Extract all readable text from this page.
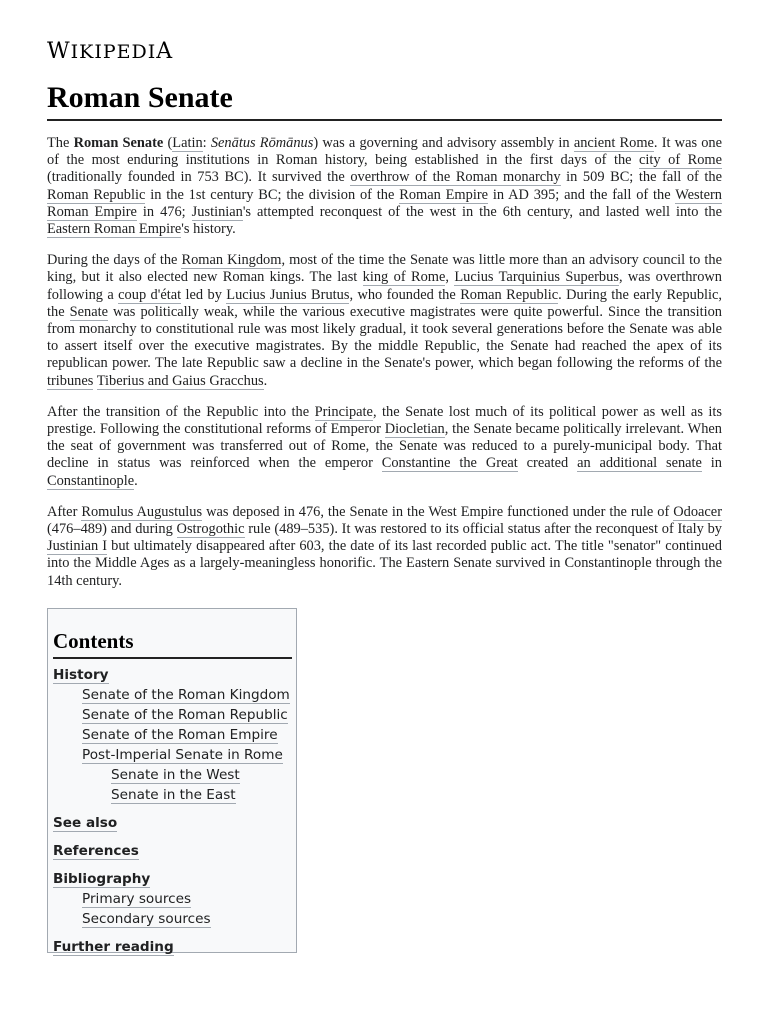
WIKIPEDIA
Roman Senate

The Roman Senate (Latin: Senātus Rōmānus) was a governing and advisory assembly in ancient Rome. It was one of the most enduring institutions in Roman history, being established in the first days of the city of Rome (traditionally founded in 753 BC). It survived the overthrow of the Roman monarchy in 509 BC; the fall of the Roman Republic in the 1st century BC; the division of the Roman Empire in AD 395; and the fall of the Western Roman Empire in 476; Justinian's attempted reconquest of the west in the 6th century, and lasted well into the Eastern Roman Empire's history.

During the days of the Roman Kingdom, most of the time the Senate was little more than an advisory council to the king, but it also elected new Roman kings. The last king of Rome, Lucius Tarquinius Superbus, was overthrown following a coup d'état led by Lucius Junius Brutus, who founded the Roman Republic. During the early Republic, the Senate was politically weak, while the various executive magistrates were quite powerful. Since the transition from monarchy to constitutional rule was most likely gradual, it took several generations before the Senate was able to assert itself over the executive magistrates. By the middle Republic, the Senate had reached the apex of its republican power. The late Republic saw a decline in the Senate's power, which began following the reforms of the tribunes Tiberius and Gaius Gracchus.

After the transition of the Republic into the Principate, the Senate lost much of its political power as well as its prestige. Following the constitutional reforms of Emperor Diocletian, the Senate became politically irrelevant. When the seat of government was transferred out of Rome, the Senate was reduced to a purely-municipal body. That decline in status was reinforced when the emperor Constantine the Great created an additional senate in Constantinople.

After Romulus Augustulus was deposed in 476, the Senate in the West Empire functioned under the rule of Odoacer (476–489) and during Ostrogothic rule (489–535). It was restored to its official status after the reconquest of Italy by Justinian I but ultimately disappeared after 603, the date of its last recorded public act. The title "senator" continued into the Middle Ages as a largely-meaningless honorific. The Eastern Senate survived in Constantinople through the 14th century.

Contents
History
Senate of the Roman Kingdom
Senate of the Roman Republic
Senate of the Roman Empire
Post-Imperial Senate in Rome
Senate in the West
Senate in the East
See also
References
Bibliography
Primary sources
Secondary sources
Further reading
